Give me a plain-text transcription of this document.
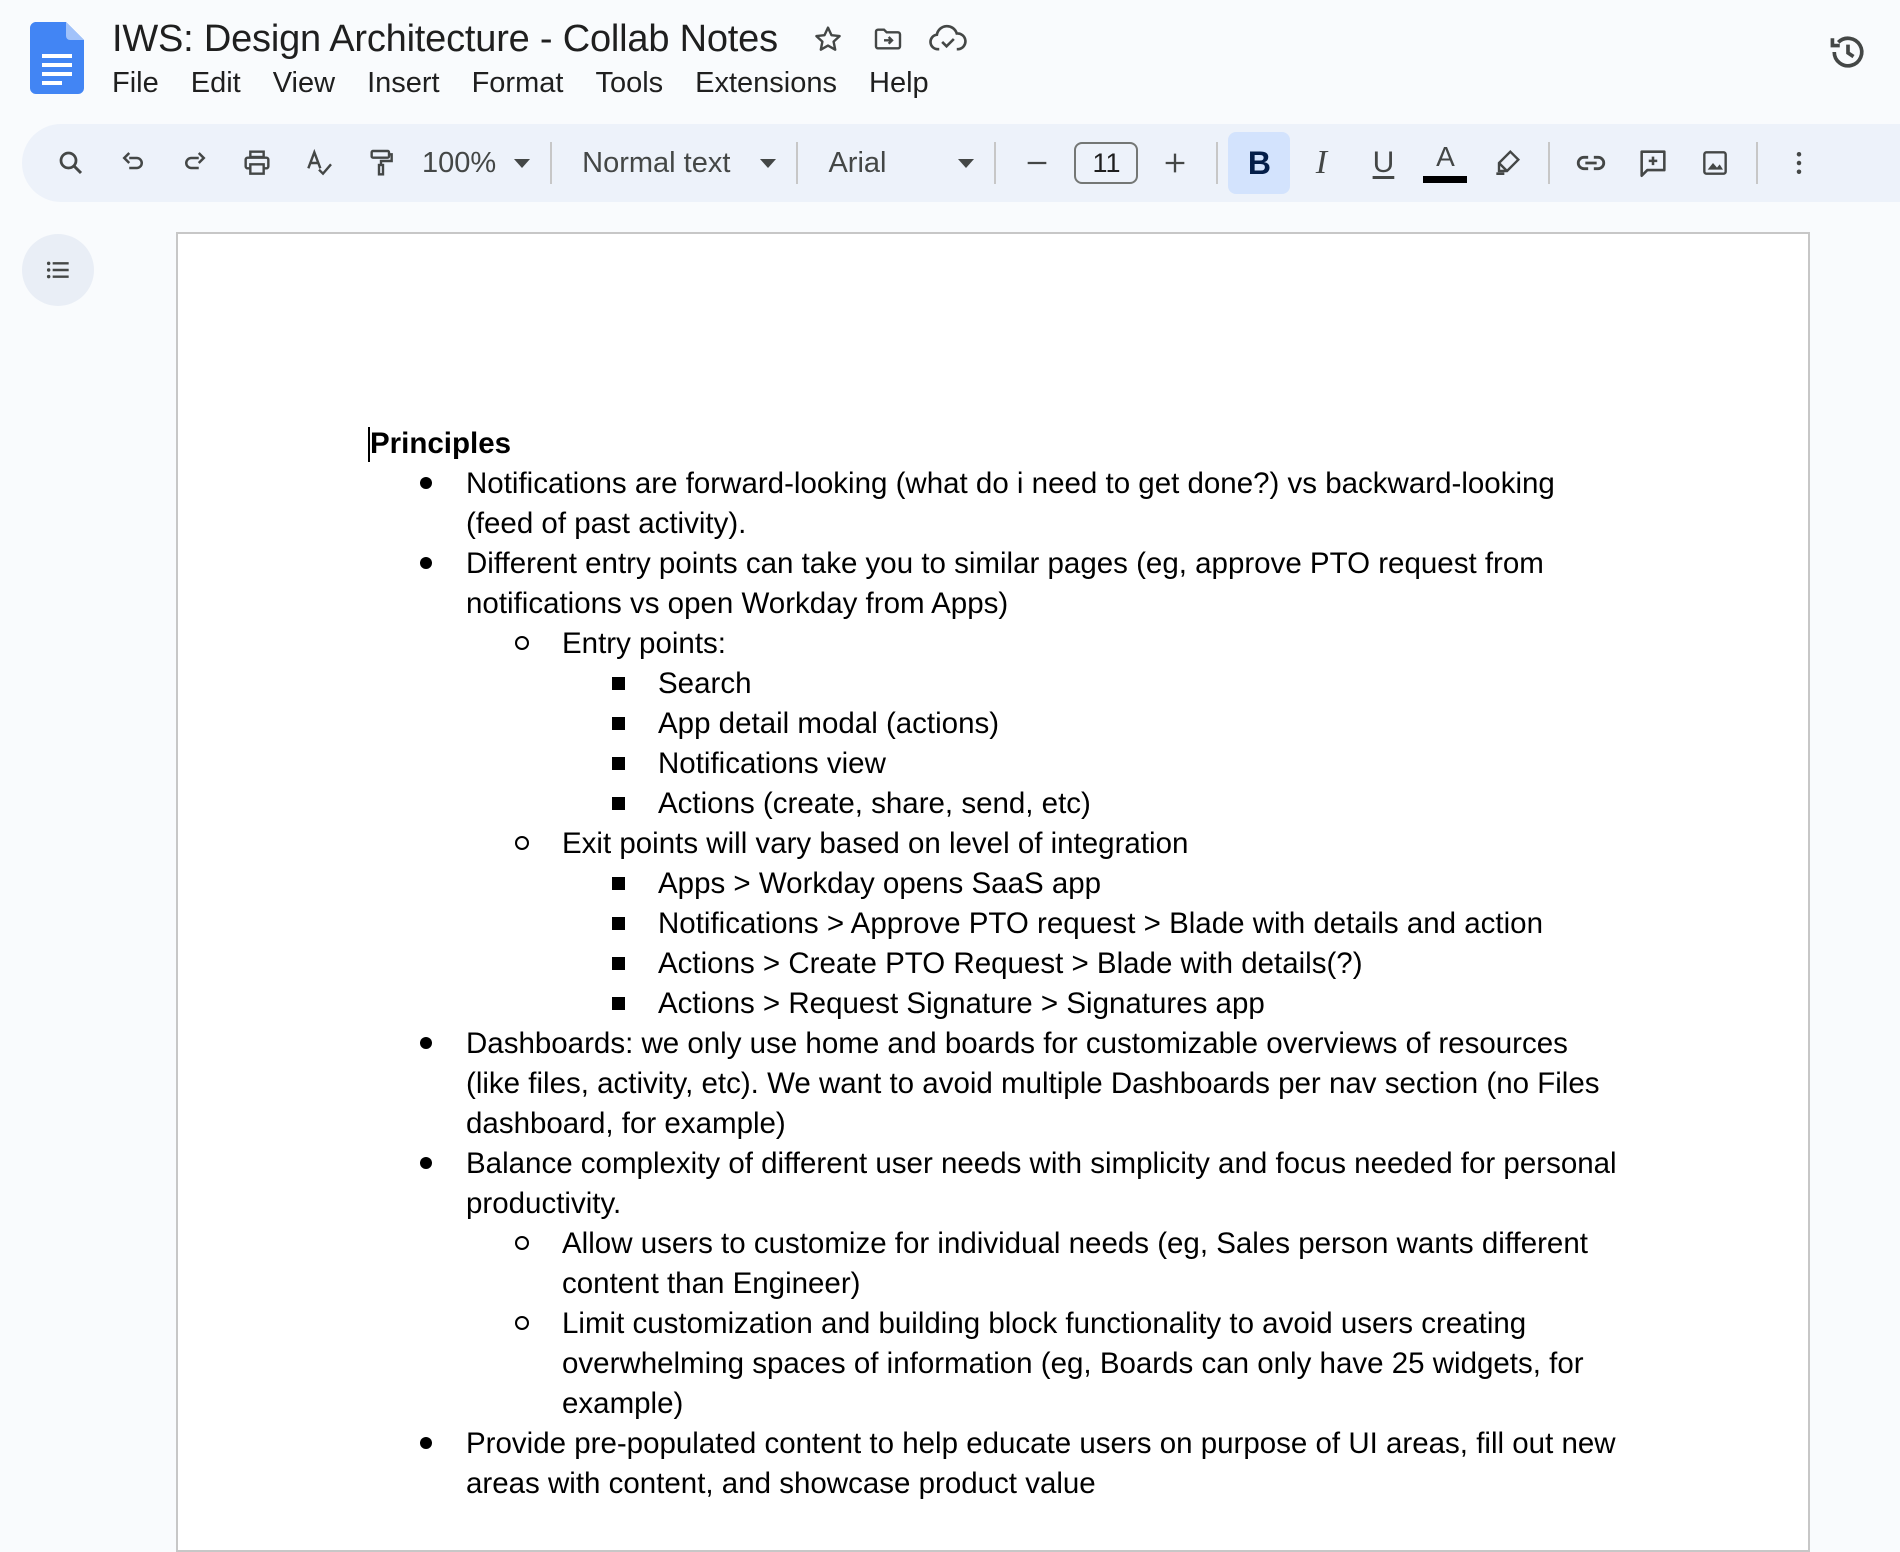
IWS: Design Architecture - Collab Notes
File	Edit	View	Insert	Format	Tools	Extensions	Help
100%	Normal text	Arial	11	B I U A
Principles
Notifications are forward-looking (what do i need to get done?) vs backward-looking (feed of past activity).
Different entry points can take you to similar pages (eg, approve PTO request from notifications vs open Workday from Apps)
Entry points:
Search
App detail modal (actions)
Notifications view
Actions (create, share, send, etc)
Exit points will vary based on level of integration
Apps > Workday opens SaaS app
Notifications > Approve PTO request > Blade with details and action
Actions > Create PTO Request > Blade with details(?)
Actions > Request Signature > Signatures app
Dashboards: we only use home and boards for customizable overviews of resources (like files, activity, etc). We want to avoid multiple Dashboards per nav section (no Files dashboard, for example)
Balance complexity of different user needs with simplicity and focus needed for personal productivity.
Allow users to customize for individual needs (eg, Sales person wants different content than Engineer)
Limit customization and building block functionality to avoid users creating overwhelming spaces of information (eg, Boards can only have 25 widgets, for example)
Provide pre-populated content to help educate users on purpose of UI areas, fill out new areas with content, and showcase product value
